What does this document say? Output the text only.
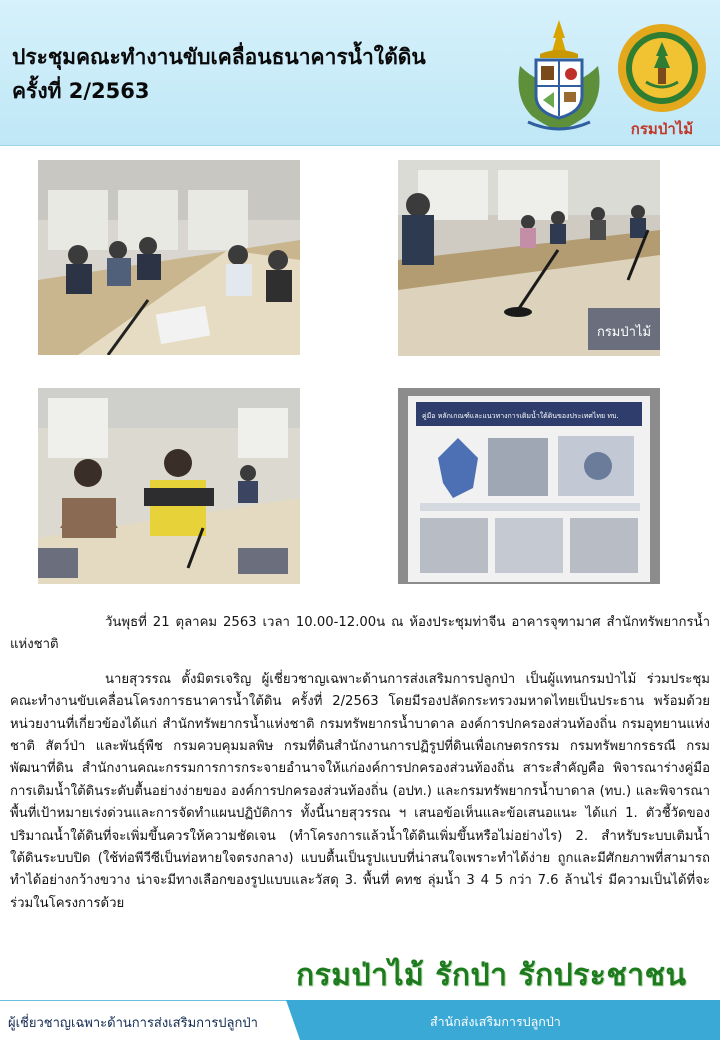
ประชุมคณะทำงานขับเคลื่อนธนาคารน้ำใต้ดิน
ครั้งที่ 2/2563
กรมป่าไม้
กรมป่าไม้
คู่มือ หลักเกณฑ์และแนวทางการเติมน้ำใต้ดินของประเทศไทย ทบ.

วันพุธที่ 21 ตุลาคม 2563 เวลา 10.00-12.00น ณ ห้องประชุมท่าจีน อาคารจุฑามาศ สำนักทรัพยากรน้ำแห่งชาติ

นายสุวรรณ ตั้งมิตรเจริญ ผู้เชี่ยวชาญเฉพาะด้านการส่งเสริมการปลูกป่า เป็นผู้แทนกรมป่าไม้ ร่วมประชุมคณะทำงานขับเคลื่อนโครงการธนาคารน้ำใต้ดิน ครั้งที่ 2/2563 โดยมีรองปลัดกระทรวงมหาดไทยเป็นประธาน พร้อมด้วยหน่วยงานที่เกี่ยวข้องได้แก่ สำนักทรัพยากรน้ำแห่งชาติ กรมทรัพยากรน้ำบาดาล องค์การปกครองส่วนท้องถิ่น กรมอุทยานแห่งชาติ สัตว์ป่า และพันธุ์พืช กรมควบคุมมลพิษ กรมที่ดินสำนักงานการปฏิรูปที่ดินเพื่อเกษตรกรรม กรมทรัพยากรธรณี กรมพัฒนาที่ดิน สำนักงานคณะกรรมการการกระจายอำนาจให้แก่องค์การปกครองส่วนท้องถิ่น สาระสำคัญคือ พิจารณาร่างคู่มือการเติมน้ำใต้ดินระดับตื้นอย่างง่ายของ องค์การปกครองส่วนท้องถิ่น (อปท.) และกรมทรัพยากรน้ำบาดาล (ทบ.) และพิจารณา พื้นที่เป้าหมายเร่งด่วนและการจัดทำแผนปฏิบัติการ ทั้งนี้นายสุวรรณ ฯ เสนอข้อเห็นและข้อเสนอแนะ ได้แก่ 1. ตัวชี้วัดของปริมาณน้ำใต้ดินที่จะเพิ่มขึ้นควรให้ความชัดเจน (ทำโครงการแล้วน้ำใต้ดินเพิ่มขึ้นหรือไม่อย่างไร) 2. สำหรับระบบเติมน้ำใต้ดินระบบปิด (ใช้ท่อพีวีซีเป็นท่อหายใจตรงกลาง) แบบตื้นเป็นรูปแบบที่น่าสนใจเพราะทำได้ง่าย ถูกและมีศักยภาพที่สามารถทำได้อย่างกว้างขวาง น่าจะมีทางเลือกของรูปแบบและวัสดุ 3. พื้นที่ คทช ลุ่มน้ำ 3 4 5 กว่า 7.6 ล้านไร่ มีความเป็นได้ที่จะร่วมในโครงการด้วย

กรมป่าไม้ รักป่า รักประชาชน
ผู้เชี่ยวชาญเฉพาะด้านการส่งเสริมการปลูกป่า	สำนักส่งเสริมการปลูกป่า
